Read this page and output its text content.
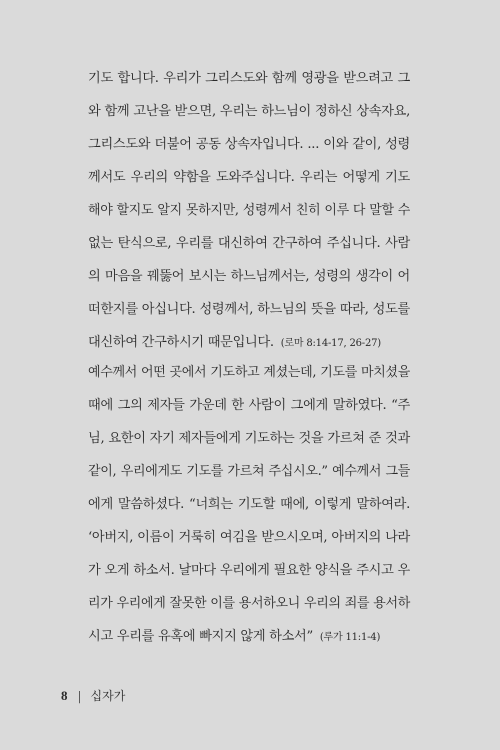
기도 합니다. 우리가 그리스도와 함께 영광을 받으려고 그
와 함께 고난을 받으면, 우리는 하느님이 정하신 상속자요,
그리스도와 더불어 공동 상속자입니다. ... 이와 같이, 성령
께서도 우리의 약함을 도와주십니다. 우리는 어떻게 기도
해야 할지도 알지 못하지만, 성령께서 친히 이루 다 말할 수
없는 탄식으로, 우리를 대신하여 간구하여 주십니다. 사람
의 마음을 꿰뚫어 보시는 하느님께서는, 성령의 생각이 어
떠한지를 아십니다. 성령께서, 하느님의 뜻을 따라, 성도를
대신하여 간구하시기 때문입니다. (로마 8:14-17, 26-27)
예수께서 어떤 곳에서 기도하고 계셨는데, 기도를 마치셨을
때에 그의 제자들 가운데 한 사람이 그에게 말하였다. “주
님, 요한이 자기 제자들에게 기도하는 것을 가르쳐 준 것과
같이, 우리에게도 기도를 가르쳐 주십시오.” 예수께서 그들
에게 말씀하셨다. “너희는 기도할 때에, 이렇게 말하여라.
‘아버지, 이름이 거룩히 여김을 받으시오며, 아버지의 나라
가 오게 하소서. 날마다 우리에게 필요한 양식을 주시고 우
리가 우리에게 잘못한 이를 용서하오니 우리의 죄를 용서하
시고 우리를 유혹에 빠지지 않게 하소서” (루가 11:1-4)
8 | 십자가
